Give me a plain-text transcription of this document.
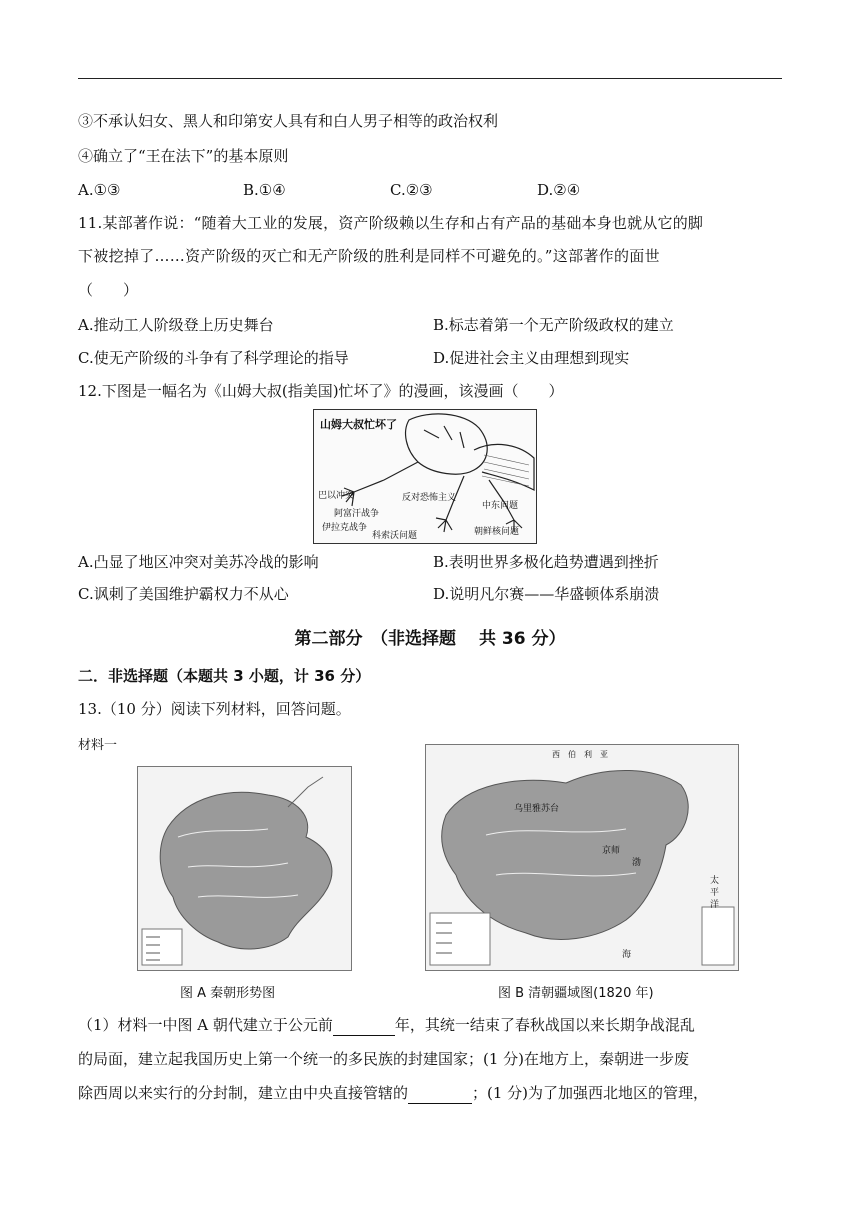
③不承认妇女、黑人和印第安人具有和白人男子相等的政治权利
④确立了“王在法下”的基本原则
A.①③	B.①④	C.②③	D.②④
11.某部著作说：“随着大工业的发展，资产阶级赖以生存和占有产品的基础本身也就从它的脚
下被挖掉了……资产阶级的灭亡和无产阶级的胜利是同样不可避免的。”这部著作的面世
（　　）
A.推动工人阶级登上历史舞台	B.标志着第一个无产阶级政权的建立
C.使无产阶级的斗争有了科学理论的指导	D.促进社会主义由理想到现实
12.下图是一幅名为《山姆大叔(指美国)忙坏了》的漫画，该漫画（　　）
山姆大叔忙坏了
巴以冲突	反对恐怖主义
阿富汗战争
伊拉克战争
科索沃问题
中东问题
朝鲜核问题
A.凸显了地区冲突对美苏冷战的影响	B.表明世界多极化趋势遭遇到挫折
C.讽刺了美国维护霸权力不从心	D.说明凡尔赛——华盛顿体系崩溃
第二部分　（非选择题　 共 36 分）
二．非选择题（本题共 3 小题，计 36 分）
13.（10 分）阅读下列材料，回答问题。
材料一
图 A 秦朝形势图
西　伯　利　亚
乌里雅苏台
京师
渤
太
平
洋
海
图 B 清朝疆域图(1820 年)
（1）材料一中图 A 朝代建立于公元前	年，其统一结束了春秋战国以来长期争战混乱
的局面，建立起我国历史上第一个统一的多民族的封建国家；(1 分)在地方上，秦朝进一步废
除西周以来实行的分封制，建立由中央直接管辖的	；(1 分)为了加强西北地区的管理，
